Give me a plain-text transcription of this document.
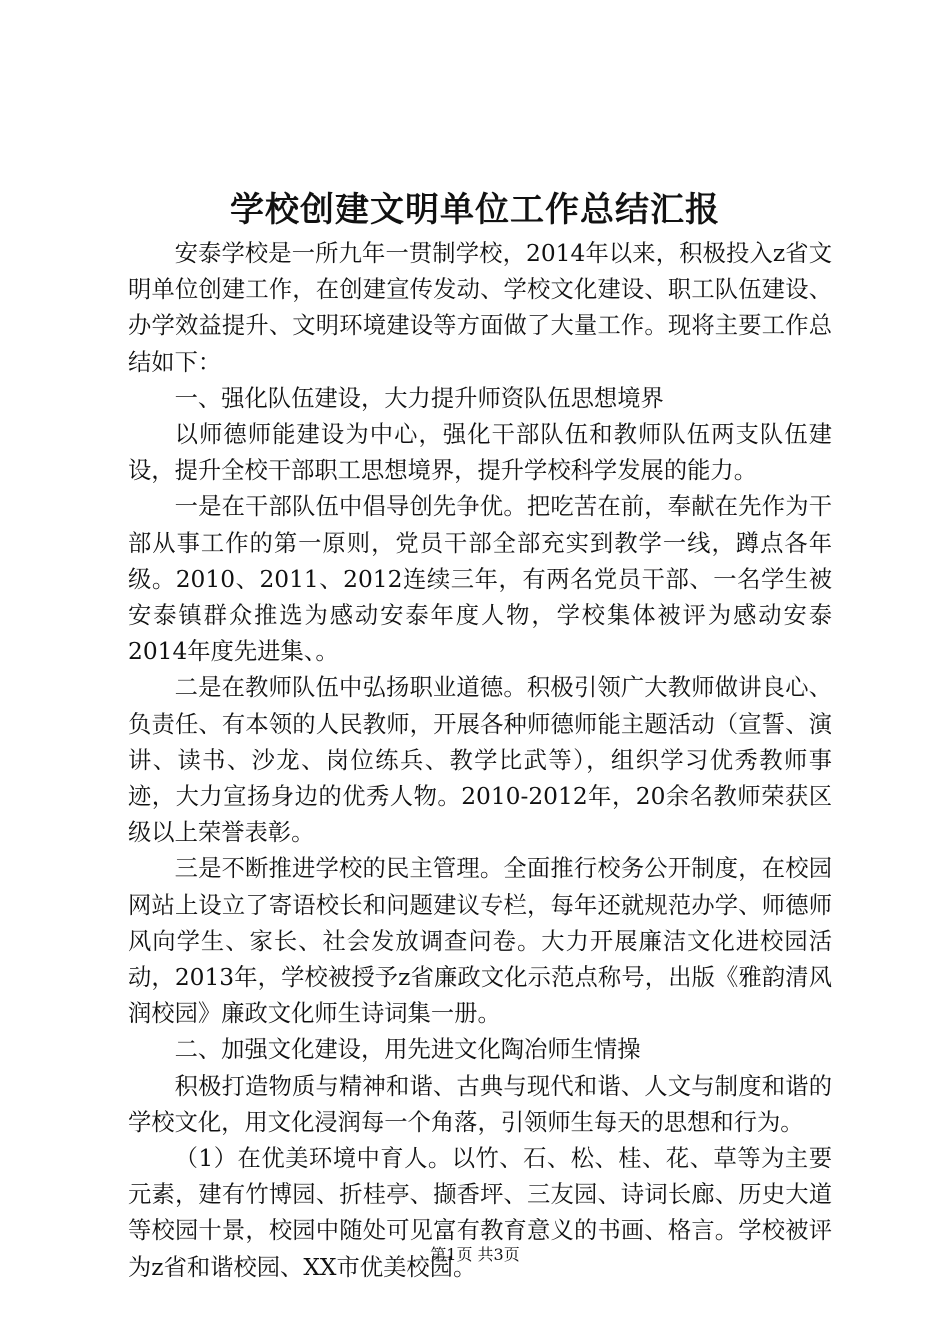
学校创建文明单位工作总结汇报

安泰学校是一所九年一贯制学校，2014年以来，积极投入z省文明单位创建工作，在创建宣传发动、学校文化建设、职工队伍建设、办学效益提升、文明环境建设等方面做了大量工作。现将主要工作总结如下：

一、强化队伍建设，大力提升师资队伍思想境界

以师德师能建设为中心，强化干部队伍和教师队伍两支队伍建设，提升全校干部职工思想境界，提升学校科学发展的能力。

一是在干部队伍中倡导创先争优。把吃苦在前，奉献在先作为干部从事工作的第一原则，党员干部全部充实到教学一线，蹲点各年级。2010、2011、2012连续三年，有两名党员干部、一名学生被安泰镇群众推选为感动安泰年度人物，学校集体被评为感动安泰2014年度先进集、。

二是在教师队伍中弘扬职业道德。积极引领广大教师做讲良心、负责任、有本领的人民教师，开展各种师德师能主题活动（宣誓、演讲、读书、沙龙、岗位练兵、教学比武等），组织学习优秀教师事迹，大力宣扬身边的优秀人物。2010-2012年，20余名教师荣获区级以上荣誉表彰。

三是不断推进学校的民主管理。全面推行校务公开制度，在校园网站上设立了寄语校长和问题建议专栏，每年还就规范办学、师德师风向学生、家长、社会发放调查问卷。大力开展廉洁文化进校园活动，2013年，学校被授予z省廉政文化示范点称号，出版《雅韵清风润校园》廉政文化师生诗词集一册。

二、加强文化建设，用先进文化陶冶师生情操

积极打造物质与精神和谐、古典与现代和谐、人文与制度和谐的学校文化，用文化浸润每一个角落，引领师生每天的思想和行为。

（1）在优美环境中育人。以竹、石、松、桂、花、草等为主要元素，建有竹博园、折桂亭、撷香坪、三友园、诗词长廊、历史大道等校园十景，校园中随处可见富有教育意义的书画、格言。学校被评为z省和谐校园、XX市优美校园。

第1页 共3页
